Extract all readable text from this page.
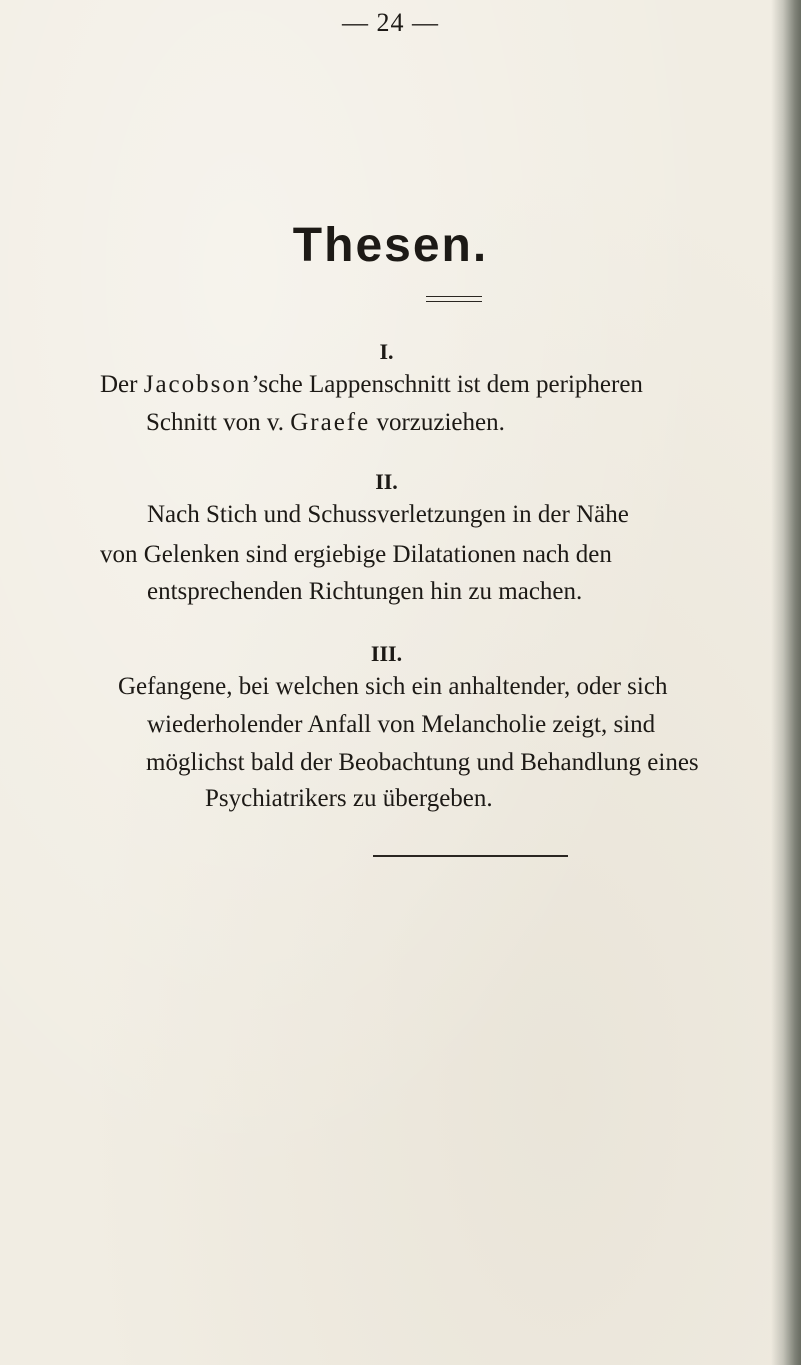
— 24 —
Thesen.
I.
Der Jacobson’sche Lappenschnitt ist dem peripheren
Schnitt von v. Graefe vorzuziehen.
II.
Nach Stich und Schussverletzungen in der Nähe
von Gelenken sind ergiebige Dilatationen nach den
entsprechenden Richtungen hin zu machen.
III.
Gefangene, bei welchen sich ein anhaltender, oder sich
wiederholender Anfall von Melancholie zeigt, sind
möglichst bald der Beobachtung und Behandlung eines
Psychiatrikers zu übergeben.
